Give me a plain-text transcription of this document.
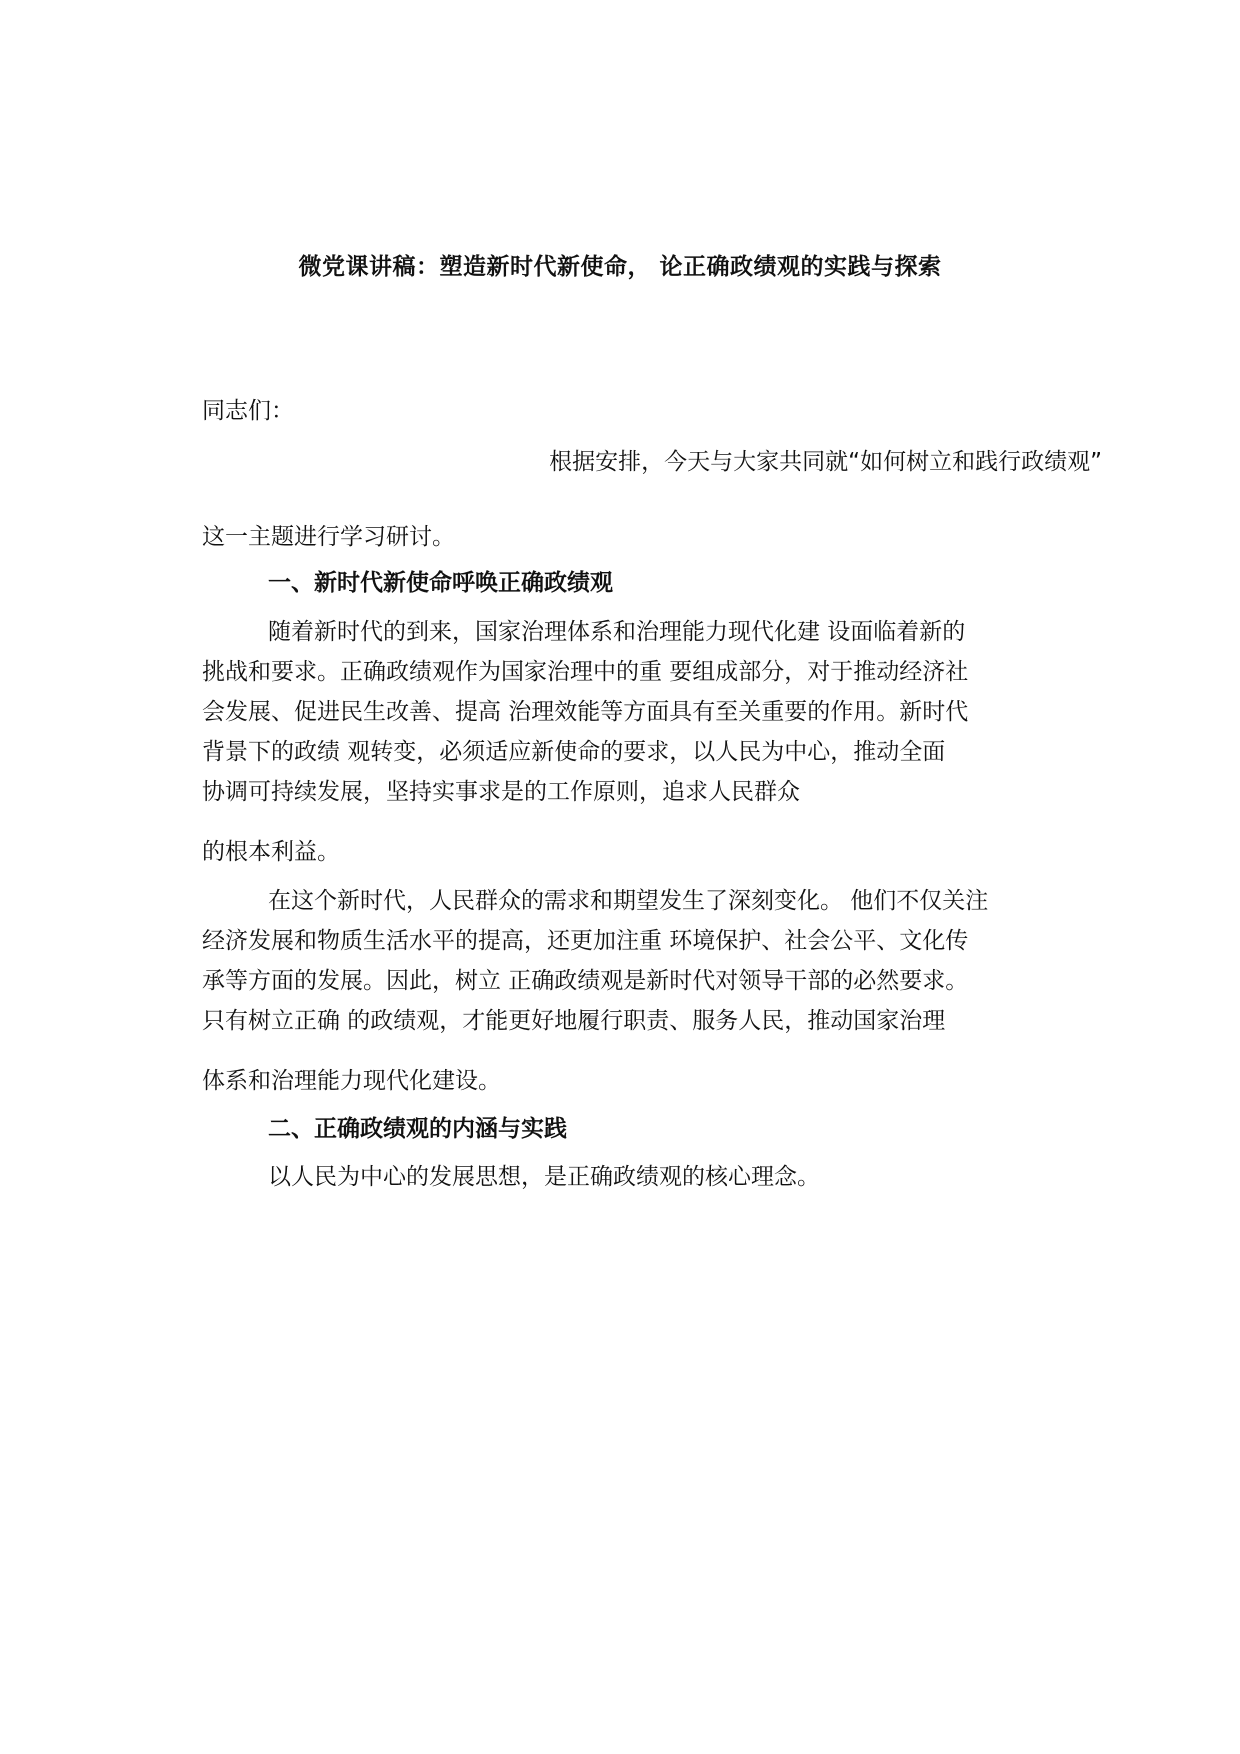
微党课讲稿：塑造新时代新使命， 论正确政绩观的实践与探索
同志们：
根据安排，今天与大家共同就“如何树立和践行政绩观”
这一主题进行学习研讨。
一、新时代新使命呼唤正确政绩观
随着新时代的到来，国家治理体系和治理能力现代化建 设面临着新的
挑战和要求。正确政绩观作为国家治理中的重 要组成部分，对于推动经济社
会发展、促进民生改善、提高 治理效能等方面具有至关重要的作用。新时代
背景下的政绩 观转变，必须适应新使命的要求，以人民为中心，推动全面
协调可持续发展，坚持实事求是的工作原则，追求人民群众
的根本利益。
在这个新时代，人民群众的需求和期望发生了深刻变化。 他们不仅关注
经济发展和物质生活水平的提高，还更加注重 环境保护、社会公平、文化传
承等方面的发展。因此，树立 正确政绩观是新时代对领导干部的必然要求。
只有树立正确 的政绩观，才能更好地履行职责、服务人民，推动国家治理
体系和治理能力现代化建设。
二、正确政绩观的内涵与实践
以人民为中心的发展思想，是正确政绩观的核心理念。
